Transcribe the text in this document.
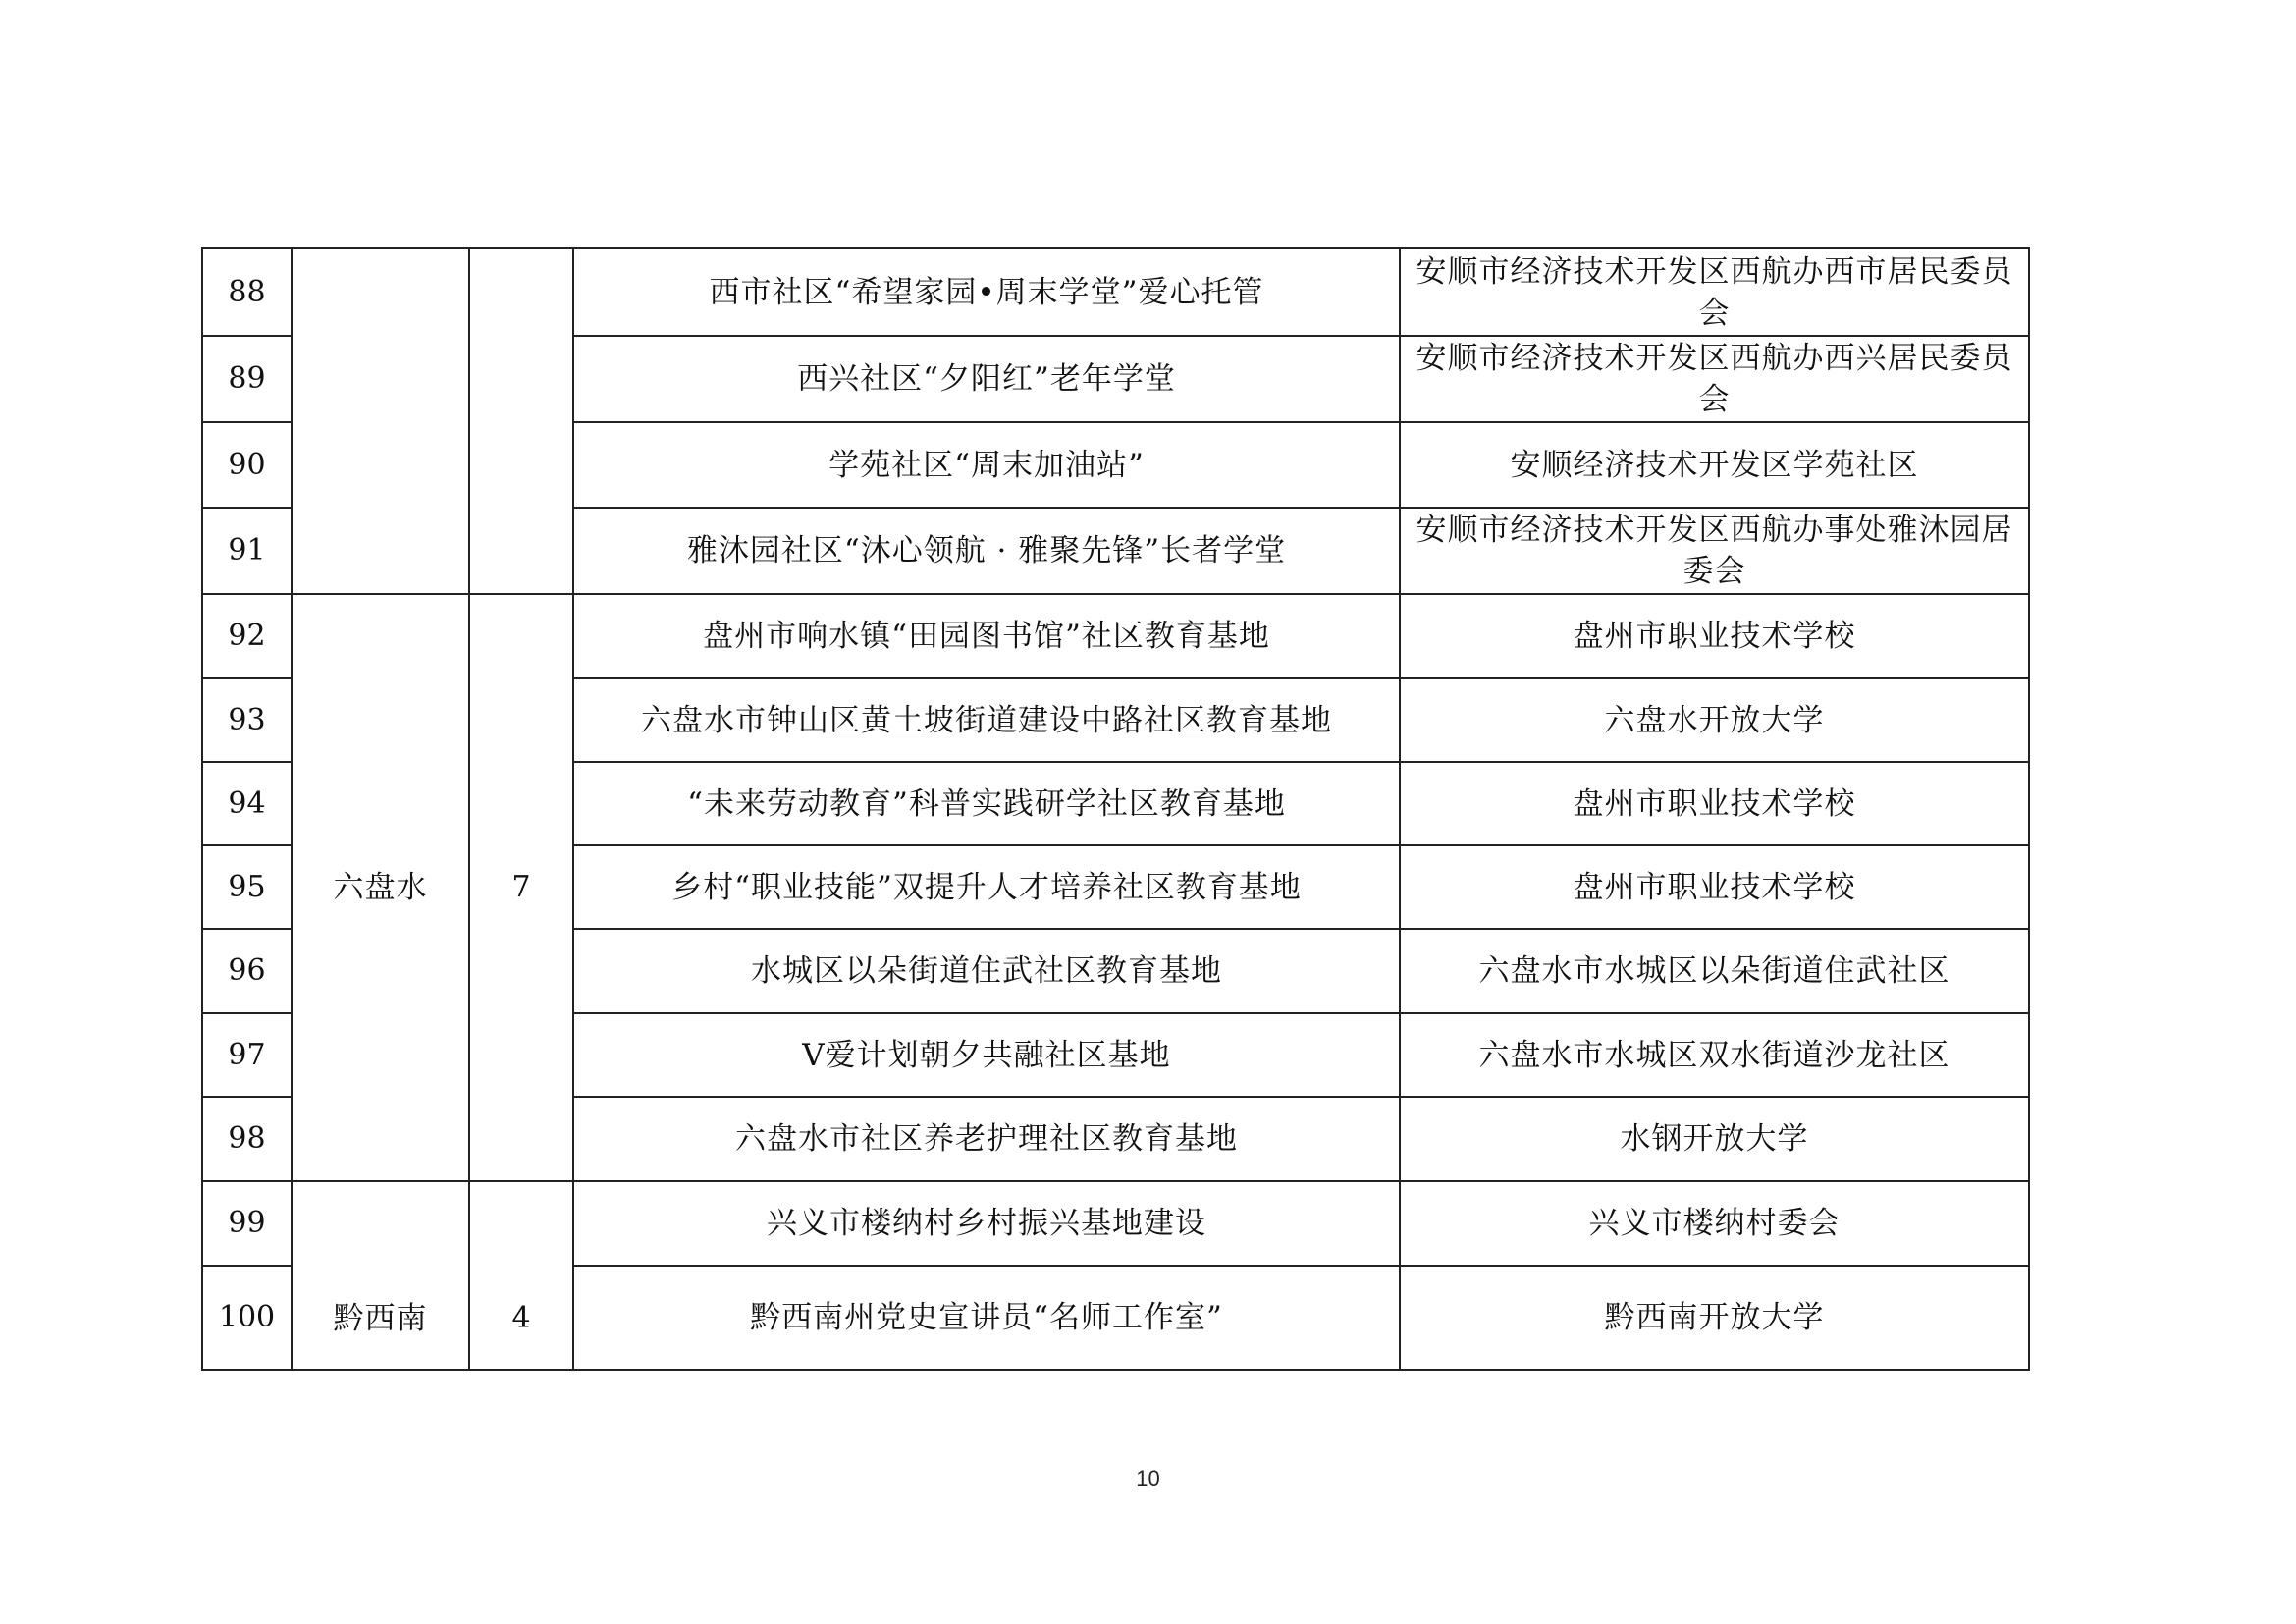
88			西市社区“希望家园•周末学堂”爱心托管	安顺市经济技术开发区西航办西市居民委员会
89			西兴社区“夕阳红”老年学堂	安顺市经济技术开发区西航办西兴居民委员会
90			学苑社区“周末加油站”	安顺经济技术开发区学苑社区
91			雅沐园社区“沐心领航 · 雅聚先锋”长者学堂	安顺市经济技术开发区西航办事处雅沐园居委会
92	六盘水	7	盘州市响水镇“田园图书馆”社区教育基地	盘州市职业技术学校
93			六盘水市钟山区黄土坡街道建设中路社区教育基地	六盘水开放大学
94			“未来劳动教育”科普实践研学社区教育基地	盘州市职业技术学校
95			乡村“职业技能”双提升人才培养社区教育基地	盘州市职业技术学校
96			水城区以朵街道住武社区教育基地	六盘水市水城区以朵街道住武社区
97			V爱计划朝夕共融社区基地	六盘水市水城区双水街道沙龙社区
98			六盘水市社区养老护理社区教育基地	水钢开放大学
99	黔西南	4	兴义市楼纳村乡村振兴基地建设	兴义市楼纳村委会
100			黔西南州党史宣讲员“名师工作室”	黔西南开放大学
10
